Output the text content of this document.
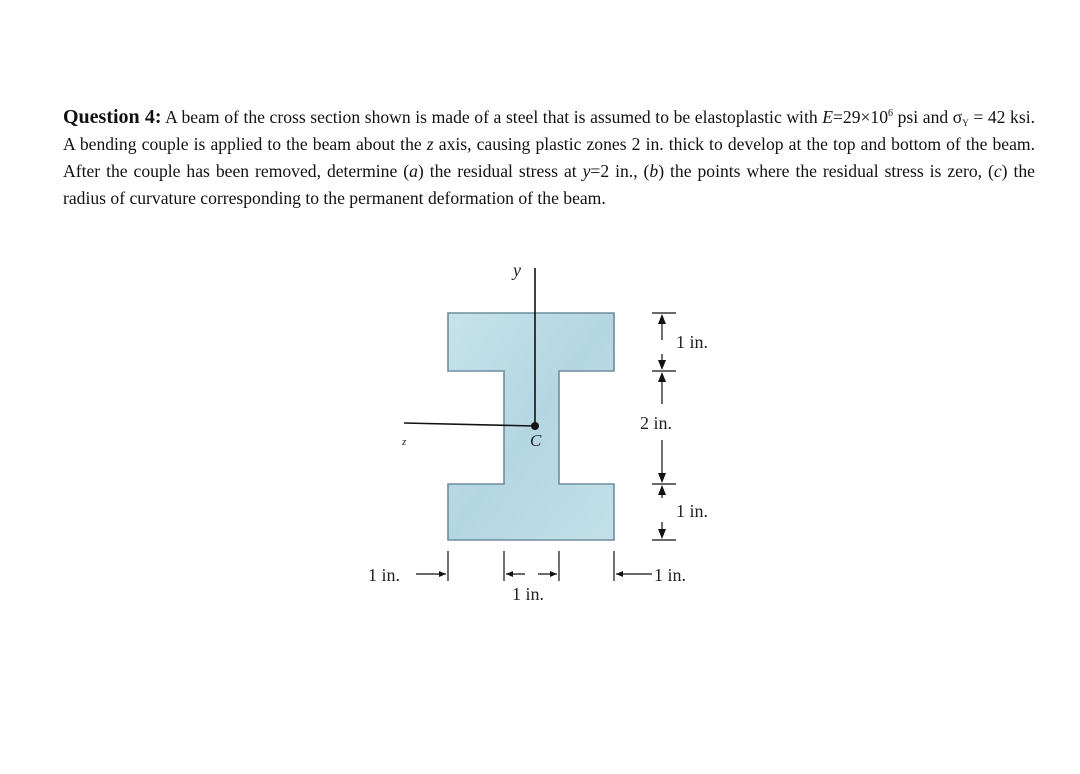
Question 4: A beam of the cross section shown is made of a steel that is assumed to be elastoplastic with $E=29\times 10^6$ psi and $\sigma_Y = 42$ ksi. A bending couple is applied to the beam about the z axis, causing plastic zones 2 in. thick to develop at the top and bottom of the beam. After the couple has been removed, determine (a) the residual stress at y=2 in., (b) the points where the residual stress is zero, (c) the radius of curvature corresponding to the permanent deformation of the beam.

y
z	C
1 in.
2 in.
1 in.
1 in.
1 in.
1 in.
